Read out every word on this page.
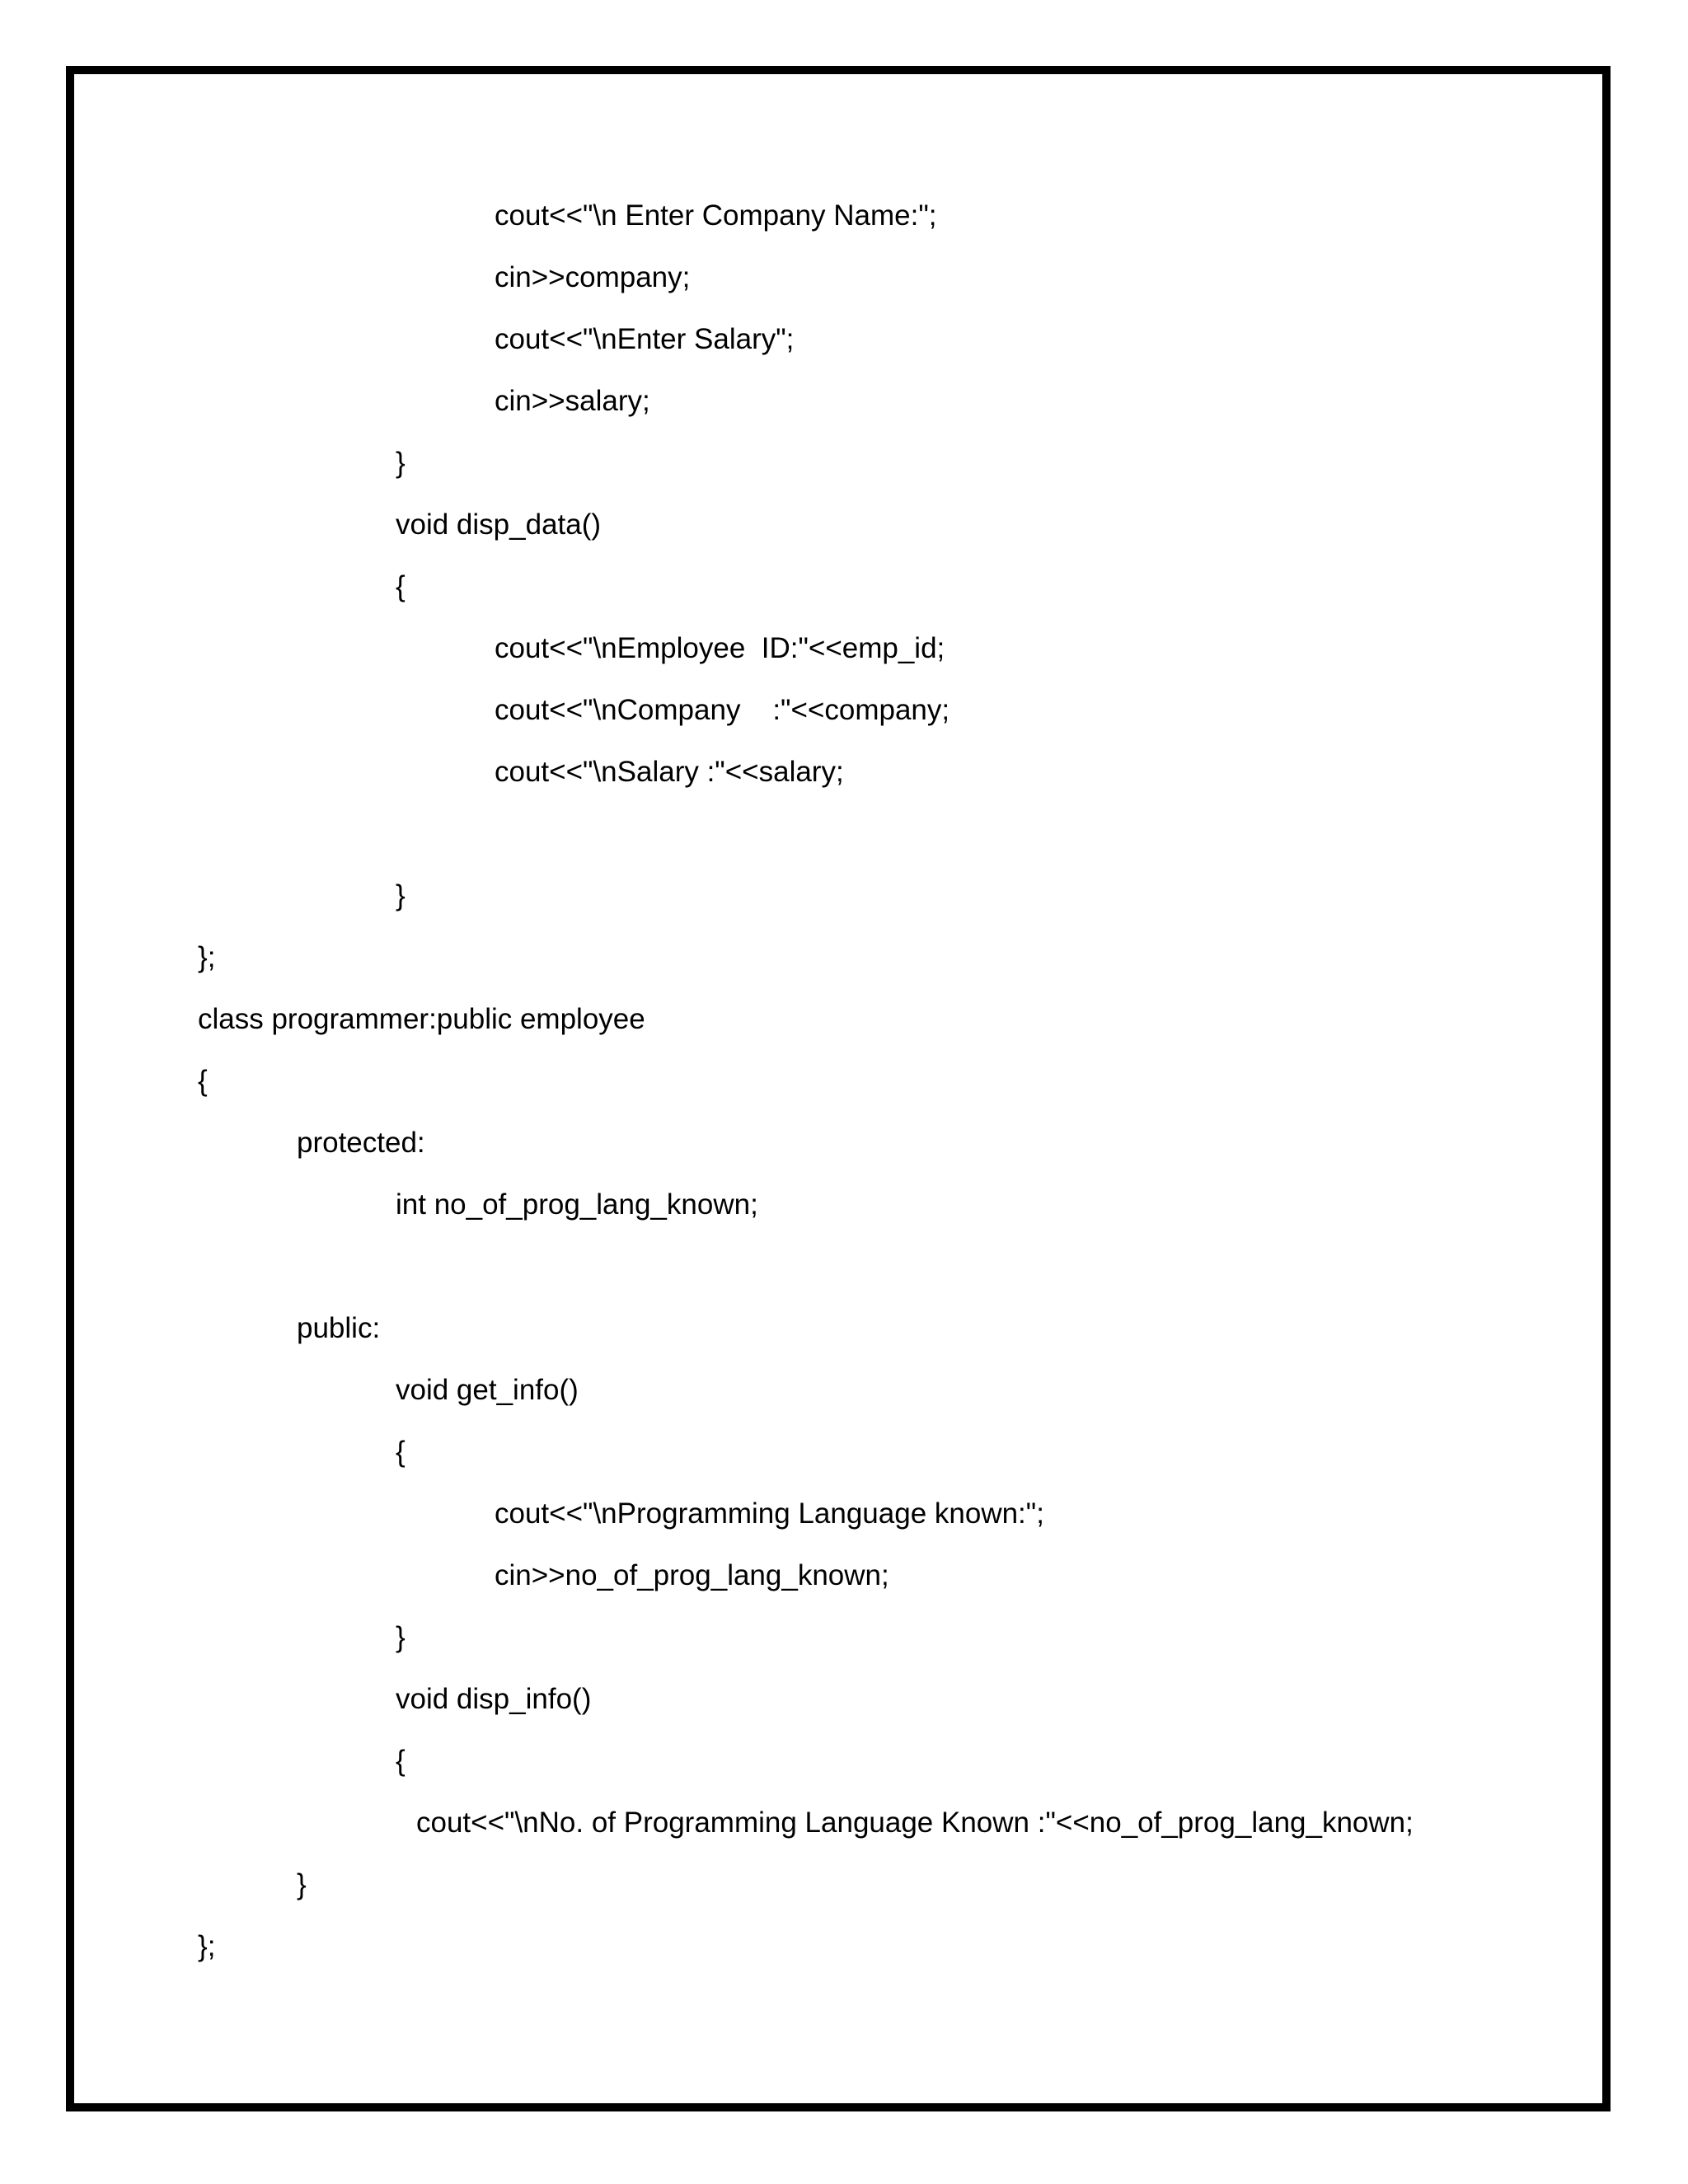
cout<<"\n Enter Company Name:";

cin>>company;

cout<<"\nEnter Salary";

cin>>salary;

}

void disp_data()

{

cout<<"\nEmployee  ID:"<<emp_id;

cout<<"\nCompany    :"<<company;

cout<<"\nSalary :"<<salary;

}

};

class programmer:public employee

{

protected:

int no_of_prog_lang_known;

public:

void get_info()

{

cout<<"\nProgramming Language known:";

cin>>no_of_prog_lang_known;

}

void disp_info()

{

cout<<"\nNo. of Programming Language Known :"<<no_of_prog_lang_known;

}

};
